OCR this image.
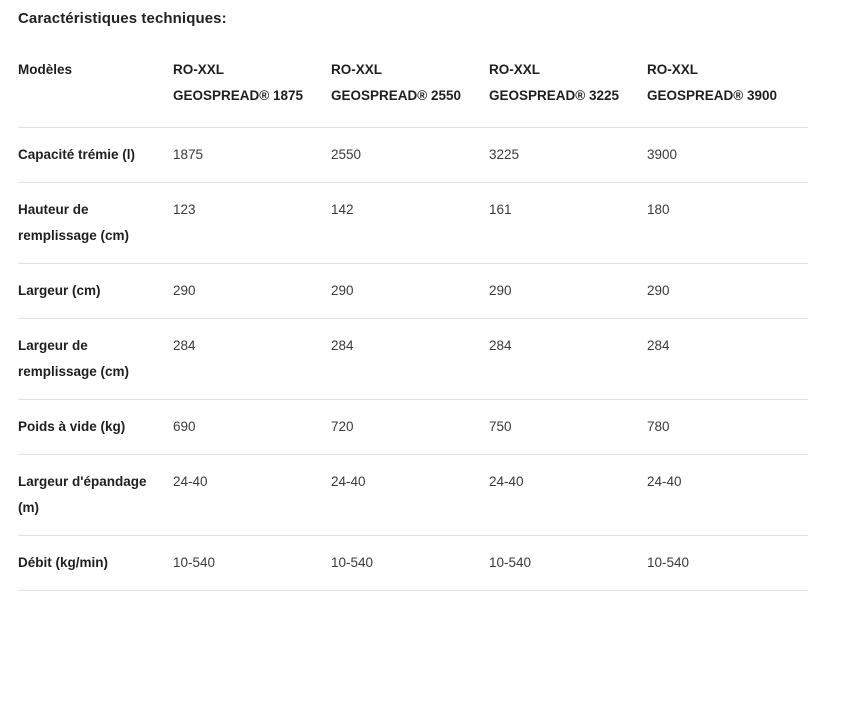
Caractéristiques techniques:
Modèles	RO-XXL GEOSPREAD® 1875	RO-XXL GEOSPREAD® 2550	RO-XXL GEOSPREAD® 3225	RO-XXL GEOSPREAD® 3900
Capacité trémie (l)	1875	2550	3225	3900
Hauteur de remplissage (cm)	123	142	161	180
Largeur (cm)	290	290	290	290
Largeur de remplissage (cm)	284	284	284	284
Poids à vide (kg)	690	720	750	780
Largeur d'épandage (m)	24-40	24-40	24-40	24-40
Débit (kg/min)	10-540	10-540	10-540	10-540
